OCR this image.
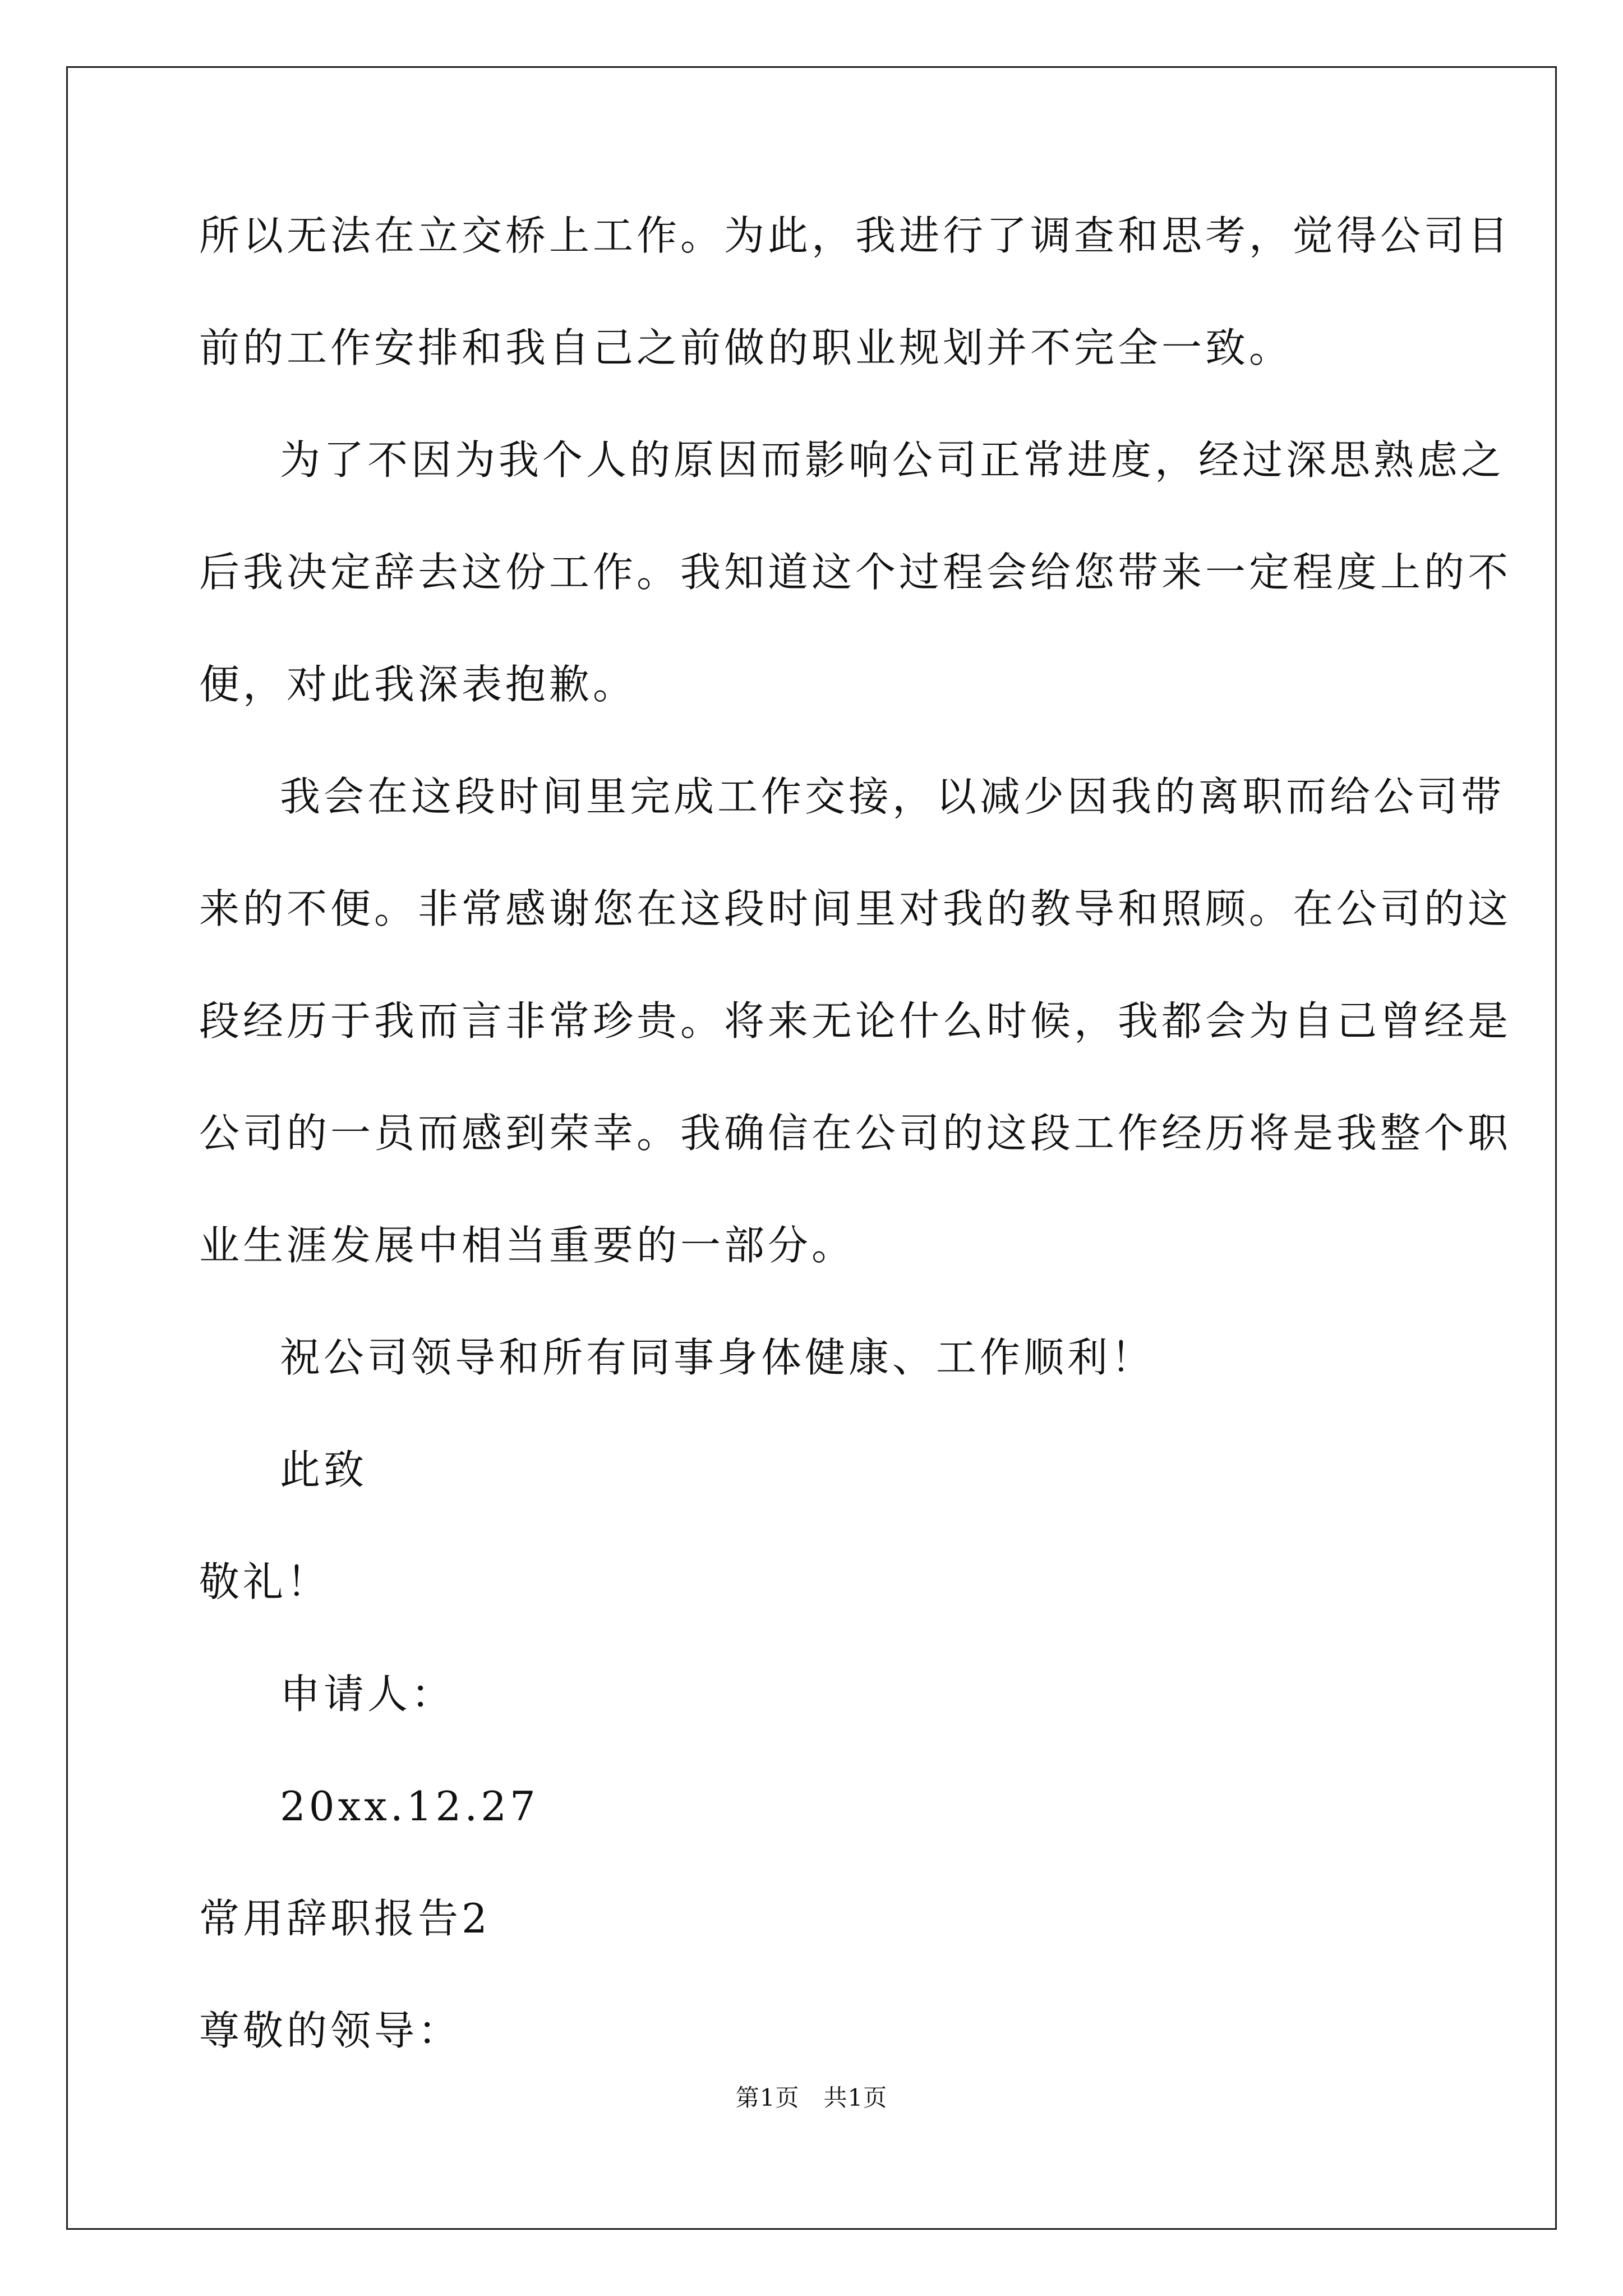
所以无法在立交桥上工作。为此，我进行了调查和思考，觉得公司目
前的工作安排和我自己之前做的职业规划并不完全一致。
为了不因为我个人的原因而影响公司正常进度，经过深思熟虑之
后我决定辞去这份工作。我知道这个过程会给您带来一定程度上的不
便，对此我深表抱歉。
我会在这段时间里完成工作交接，以减少因我的离职而给公司带
来的不便。非常感谢您在这段时间里对我的教导和照顾。在公司的这
段经历于我而言非常珍贵。将来无论什么时候，我都会为自己曾经是
公司的一员而感到荣幸。我确信在公司的这段工作经历将是我整个职
业生涯发展中相当重要的一部分。
祝公司领导和所有同事身体健康、工作顺利！
此致
敬礼！
申请人：
20xx.12.27
常用辞职报告2
尊敬的领导：
第1页　共1页
